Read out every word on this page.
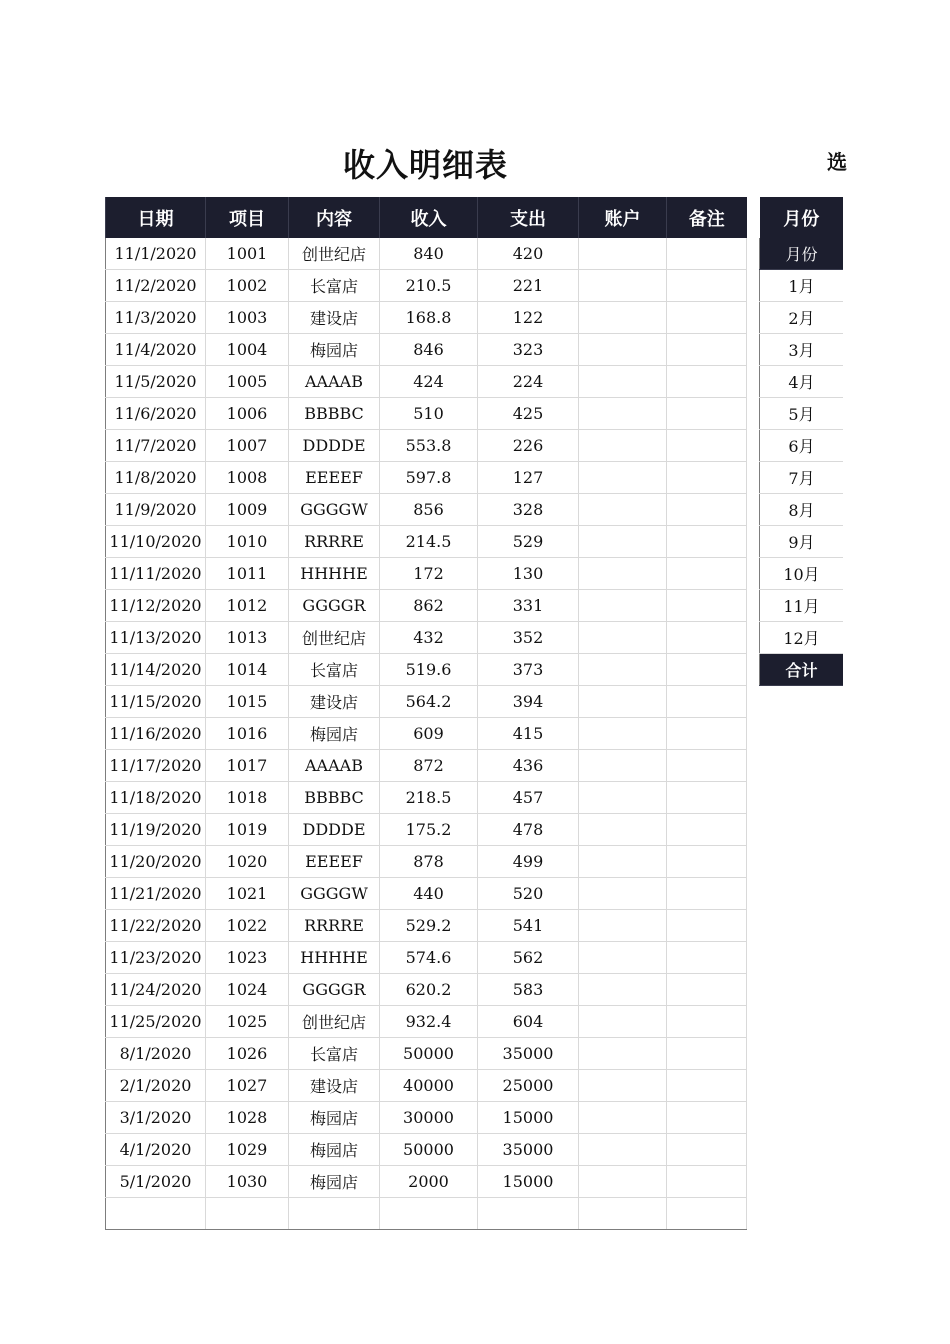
收入明细表	选
日期	项目	内容	收入	支出	账户	备注
11/1/2020	1001	创世纪店	840	420		
11/2/2020	1002	长富店	210.5	221		
11/3/2020	1003	建设店	168.8	122		
11/4/2020	1004	梅园店	846	323		
11/5/2020	1005	AAAAB	424	224		
11/6/2020	1006	BBBBC	510	425		
11/7/2020	1007	DDDDE	553.8	226		
11/8/2020	1008	EEEEF	597.8	127		
11/9/2020	1009	GGGGW	856	328		
11/10/2020	1010	RRRRE	214.5	529		
11/11/2020	1011	HHHHE	172	130		
11/12/2020	1012	GGGGR	862	331		
11/13/2020	1013	创世纪店	432	352		
11/14/2020	1014	长富店	519.6	373		
11/15/2020	1015	建设店	564.2	394		
11/16/2020	1016	梅园店	609	415		
11/17/2020	1017	AAAAB	872	436		
11/18/2020	1018	BBBBC	218.5	457		
11/19/2020	1019	DDDDE	175.2	478		
11/20/2020	1020	EEEEF	878	499		
11/21/2020	1021	GGGGW	440	520		
11/22/2020	1022	RRRRE	529.2	541		
11/23/2020	1023	HHHHE	574.6	562		
11/24/2020	1024	GGGGR	620.2	583		
11/25/2020	1025	创世纪店	932.4	604		
8/1/2020	1026	长富店	50000	35000		
2/1/2020	1027	建设店	40000	25000		
3/1/2020	1028	梅园店	30000	15000		
4/1/2020	1029	梅园店	50000	35000		
5/1/2020	1030	梅园店	2000	15000		

月份
月份
1月
2月
3月
4月
5月
6月
7月
8月
9月
10月
11月
12月
合计
